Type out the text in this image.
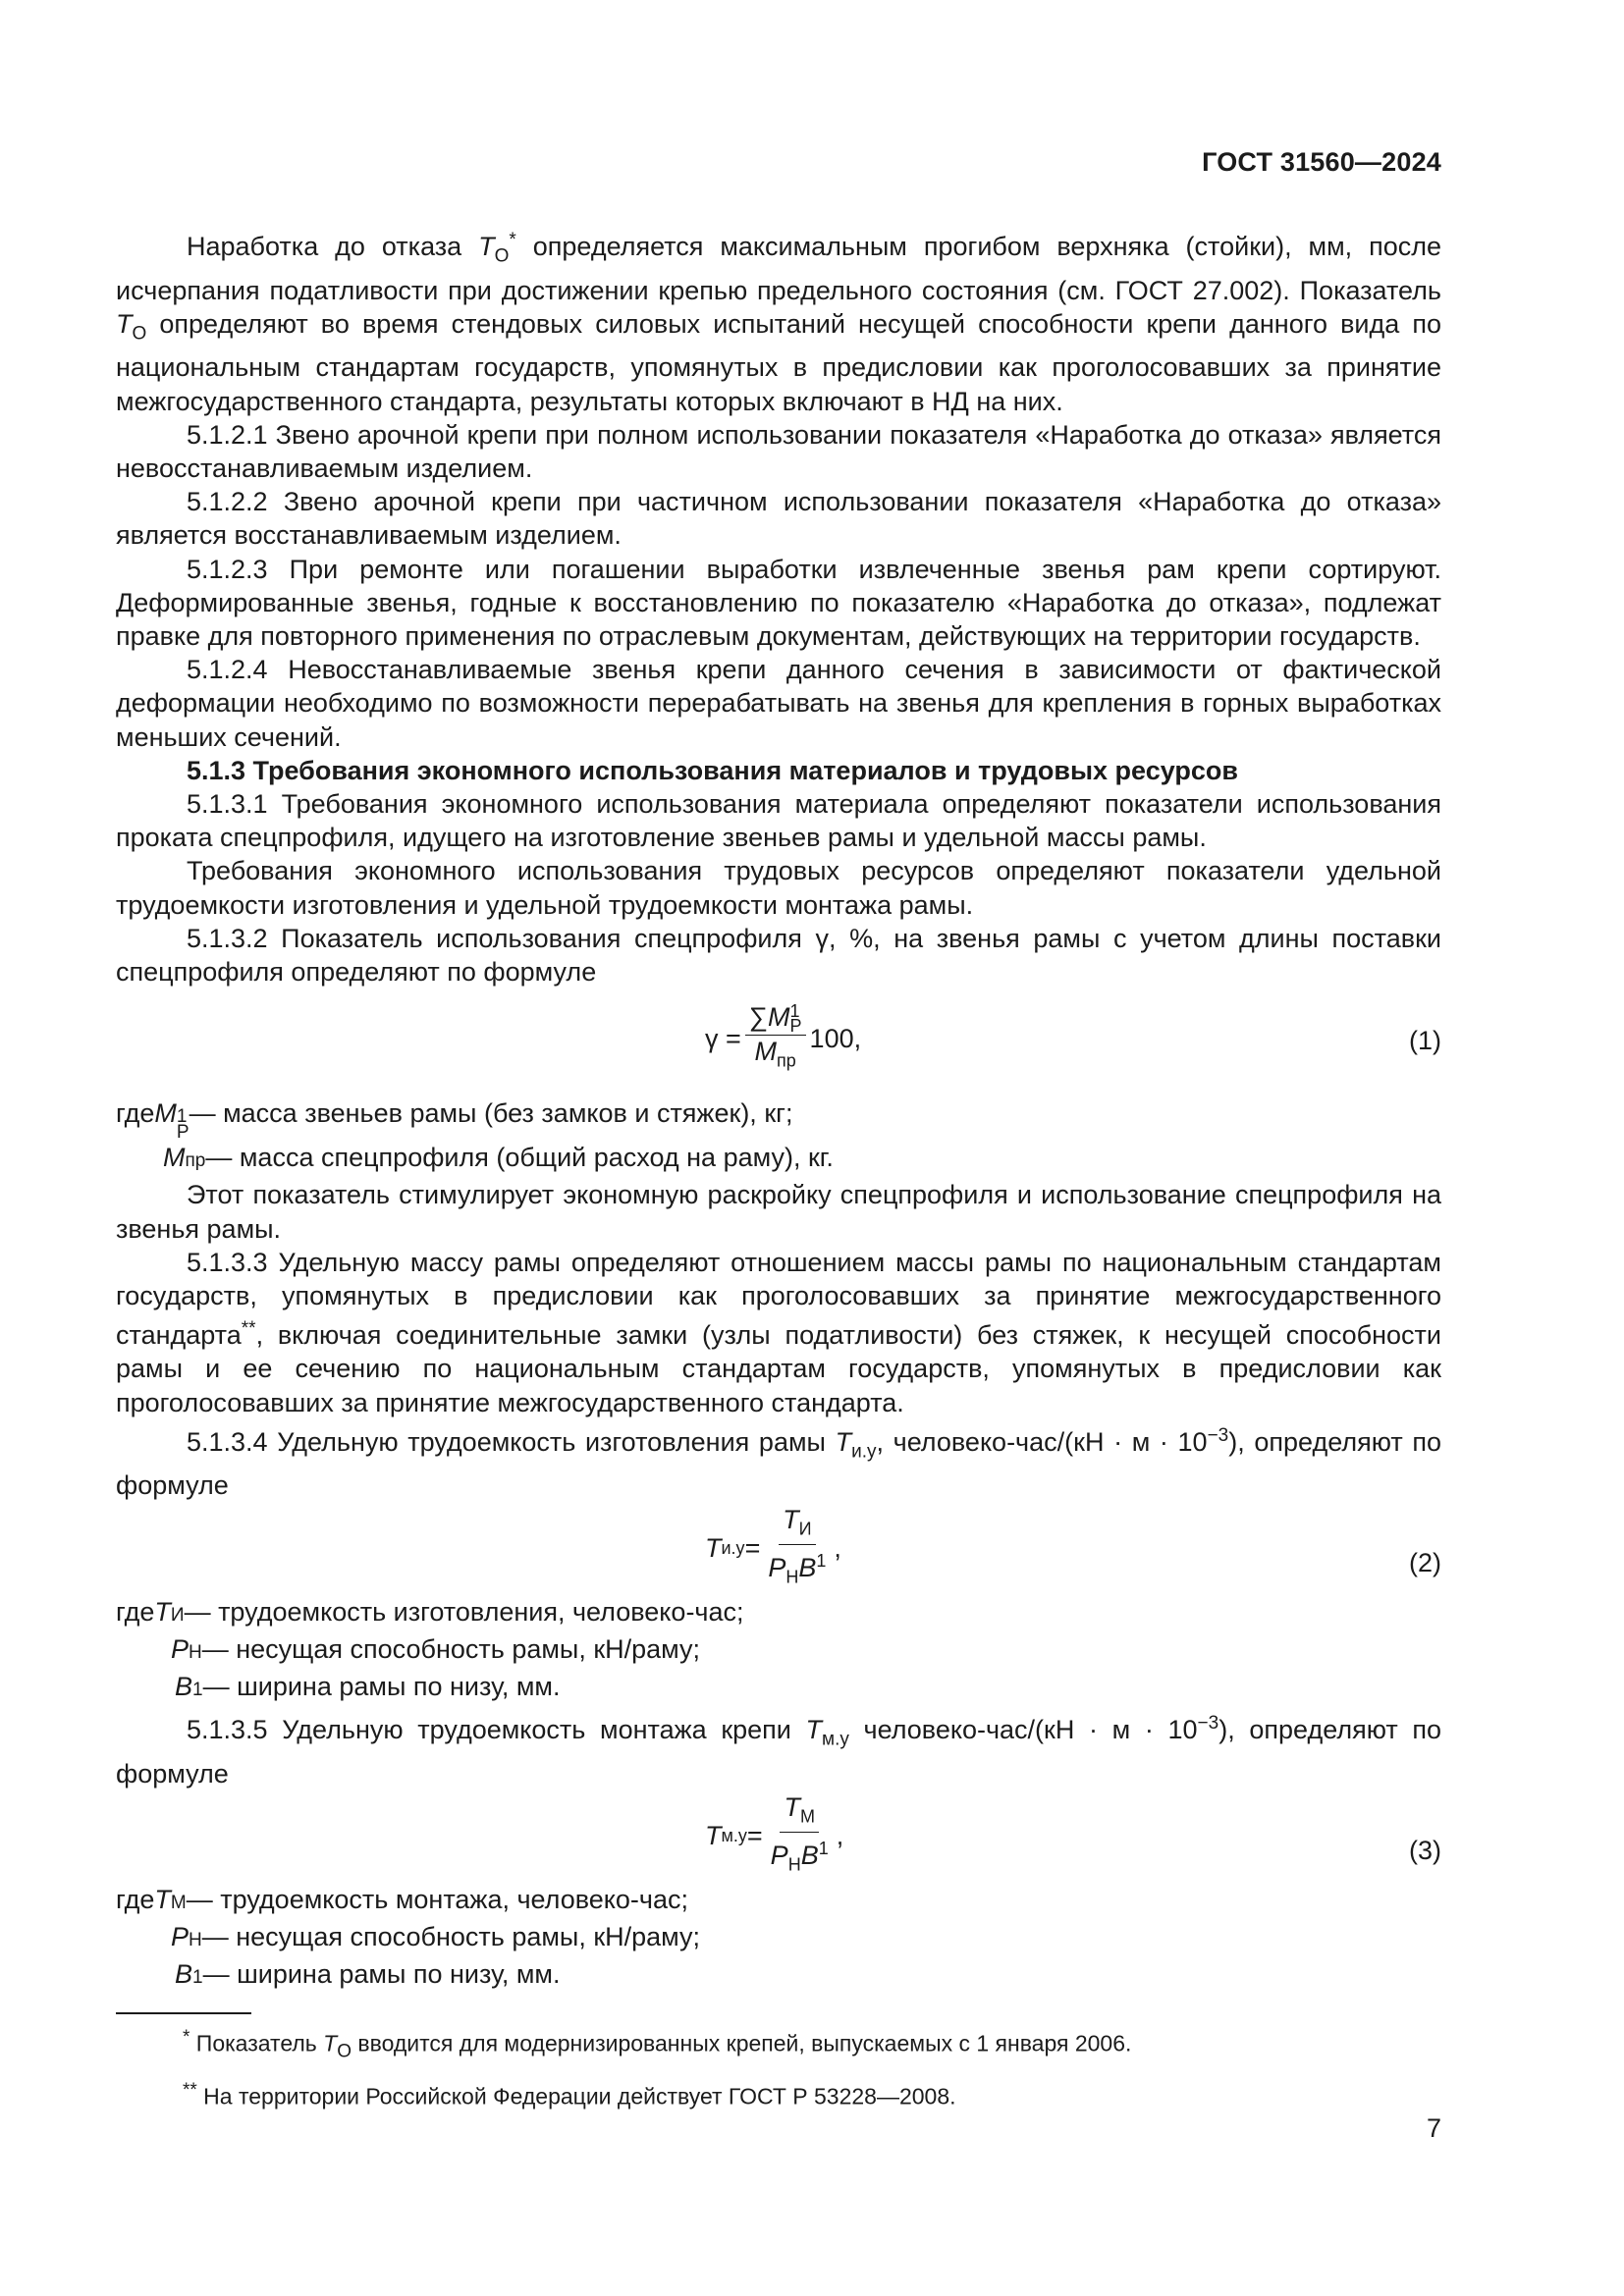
ГОСТ 31560—2024

Наработка до отказа $T_О^*$ определяется максимальным прогибом верхняка (стойки), мм, после исчерпания податливости при достижении крепью предельного состояния (см. ГОСТ 27.002). Показатель $T_О$ определяют во время стендовых силовых испытаний несущей способности крепи данного вида по национальным стандартам государств, упомянутых в предисловии как проголосовавших за принятие межгосударственного стандарта, результаты которых включают в НД на них.

5.1.2.1 Звено арочной крепи при полном использовании показателя «Наработка до отказа» является невосстанавливаемым изделием.

5.1.2.2 Звено арочной крепи при частичном использовании показателя «Наработка до отказа» является восстанавливаемым изделием.

5.1.2.3 При ремонте или погашении выработки извлеченные звенья рам крепи сортируют. Деформированные звенья, годные к восстановлению по показателю «Наработка до отказа», подлежат правке для повторного применения по отраслевым документам, действующих на территории государств.

5.1.2.4 Невосстанавливаемые звенья крепи данного сечения в зависимости от фактической деформации необходимо по возможности перерабатывать на звенья для крепления в горных выработках меньших сечений.

5.1.3 Требования экономного использования материалов и трудовых ресурсов

5.1.3.1 Требования экономного использования материала определяют показатели использования проката спецпрофиля, идущего на изготовление звеньев рамы и удельной массы рамы.

Требования экономного использования трудовых ресурсов определяют показатели удельной трудоемкости изготовления и удельной трудоемкости монтажа рамы.

5.1.3.2 Показатель использования спецпрофиля γ, %, на звенья рамы с учетом длины поставки спецпрофиля определяют по формуле

γ = ∑M 1
Р
$M_{пр}$ 100,	(1)
где M 1
Р
— масса звеньев рамы (без замков и стяжек), кг;
M пр — масса спецпрофиля (общий расход на раму), кг.

Этот показатель стимулирует экономную раскройку спецпрофиля и использование спецпрофиля на звенья рамы.

5.1.3.3 Удельную массу рамы определяют отношением массы рамы по национальным стандартам государств, упомянутых в предисловии как проголосовавших за принятие межгосударственного стандарта**, включая соединительные замки (узлы податливости) без стяжек, к несущей способности рамы и ее сечению по национальным стандартам государств, упомянутых в предисловии как проголосовавших за принятие межгосударственного стандарта.

5.1.3.4 Удельную трудоемкость изготовления рамы $T_{и.у}$, человеко-час/(кН · $м \cdot 10^{-3}$), определяют по формуле

T $и.у = \frac{T_И}{P_НB^1}$ ,	(2)
где T И — трудоемкость изготовления, человеко-час;
P Н — несущая способность рамы, кН/раму;
B 1 — ширина рамы по низу, мм.

5.1.3.5 Удельную трудоемкость монтажа крепи $T_{м.у}$ человеко-час/(кН · $м \cdot 10^{-3}$), определяют по формуле

T $м.у = \frac{T_М}{P_НB^1}$ ,	(3)
где T М — трудоемкость монтажа, человеко-час;
P Н — несущая способность рамы, кН/раму;
B 1 — ширина рамы по низу, мм.

* Показатель $T_О$ вводится для модернизированных крепей, выпускаемых с 1 января 2006.

** На территории Российской Федерации действует ГОСТ Р 53228—2008.

7
